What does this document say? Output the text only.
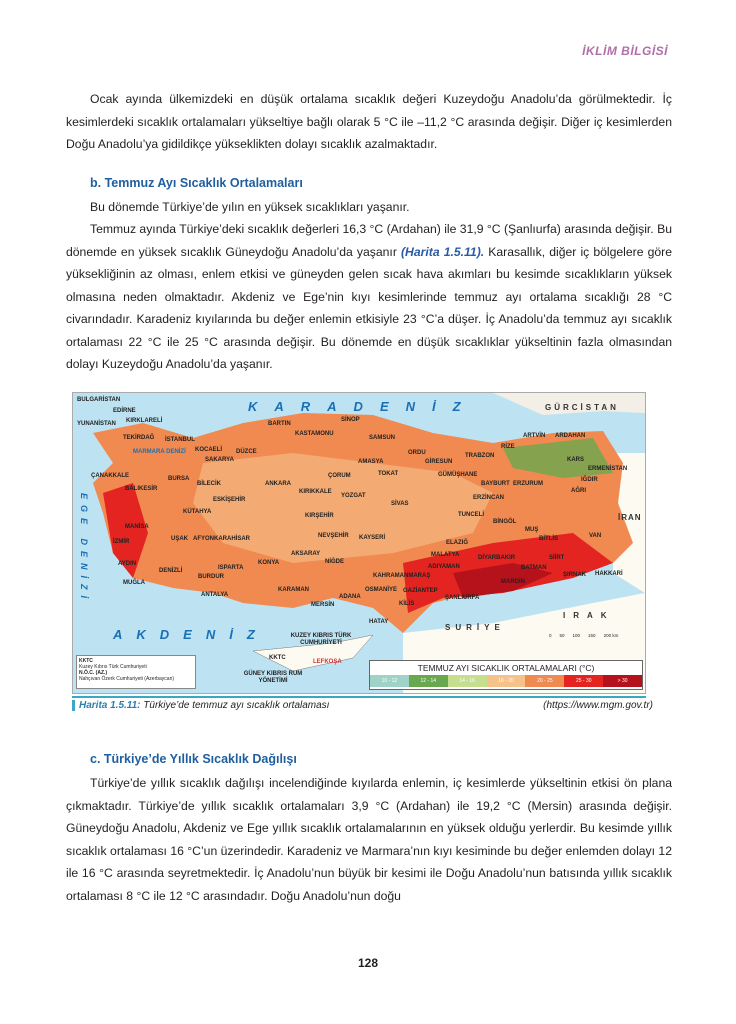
İKLİM BİLGİSİ
Ocak ayında ülkemizdeki en düşük ortalama sıcaklık değeri Kuzeydoğu Anadolu’da görülmektedir. İç kesimlerdeki sıcaklık ortalamaları yükseltiye bağlı olarak 5 °C ile –11,2 °C arasında değişir. Diğer iç kesimlerden Doğu Anadolu’ya gidildikçe yükseklikten dolayı sıcaklık azalmaktadır.
b. Temmuz Ayı Sıcaklık Ortalamaları
Bu dönemde Türkiye’de yılın en yüksek sıcaklıkları yaşanır.
Temmuz ayında Türkiye’deki sıcaklık değerleri 16,3 °C (Ardahan) ile 31,9 °C (Şanlıurfa) arasında değişir. Bu dönemde en yüksek sıcaklık Güneydoğu Anadolu’da yaşanır (Harita 1.5.11). Karasallık, diğer iç bölgelere göre yüksekliğinin az olması, enlem etkisi ve güneyden gelen sıcak hava akımları bu kesimde sıcaklıkların yüksek olmasına neden olmaktadır. Akdeniz ve Ege’nin kıyı kesimlerinde temmuz ayı ortalama sıcaklığı 28 °C civarındadır. Karadeniz kıyılarında bu değer enlemin etkisiyle 23 °C’a düşer. İç Anadolu’da temmuz ayı sıcaklık ortalaması 22 °C ile 25 °C arasında değişir. Bu dönemde en düşük sıcaklıklar yükseltinin fazla olmasından dolayı Kuzeydoğu Anadolu’da yaşanır.
KARADENİZ
AKDENİZ
EGE DENİZİ
MARMARA DENİZİ
GÜRCİSTAN
İRAN
IRAK
SURİYE
BULGARİSTAN
YUNANİSTAN
ERMENİSTAN
EDİRNE
KIRKLARELİ
TEKİRDAĞ İSTANBUL
KOCAELİ
SAKARYA
DÜZCE
BARTIN
KASTAMONU
SİNOP
SAMSUN
ORDU
GİRESUN
TRABZON
RİZE
ARTVİN ARDAHAN
KARS
IĞDIR
AĞRI
ERZURUM
BAYBURT
GÜMÜŞHANE
ERZİNCAN
TUNCELİ
BİNGÖL
MUŞ
BİTLİS	VAN
HAKKARİ
ŞIRNAK
SİİRT
BATMAN
MARDİN
DİYARBAKIR
ELAZIĞ
MALATYA
ADIYAMAN
ŞANLIURFA
GAZİANTEP
KİLİS
HATAY
OSMANİYE
ADANA
MERSİN
KARAMAN
KONYA
ANTALYA
BURDUR
ISPARTA
DENİZLİ
MUĞLA
AYDIN
İZMİR
MANİSA
UŞAK
KÜTAHYA
BALIKESİR
ÇANAKKALE	BURSA
BİLECİK
ESKİŞEHİR
ANKARA
KIRIKKALE
ÇORUM
AMASYA
TOKAT
SİVAS
YOZGAT
KIRŞEHİR
NEVŞEHİR KAYSERİ
NİĞDE
AKSARAY
KAHRAMANMARAŞ
AFYONKARAHİSAR
KUZEY KIBRIS TÜRK CUMHURİYETİ
KKTC
LEFKOŞA
GÜNEY KIBRIS RUM YÖNETİMİ
KKTC
Kuzey Kıbrıs Türk Cumhuriyeti
N.Ö.C. (AZ.)
Nahçıvan Özerk Cumhuriyeti (Azerbaycan)
0 50 100 150 200 km
TEMMUZ AYI SICAKLIK ORTALAMALARI (°C)
10 - 12	12 - 14	14 - 16	16 - 20	20 - 25	25 - 30	> 30
Harita 1.5.11: Türkiye’de temmuz ayı sıcaklık ortalaması	(https://www.mgm.gov.tr)
c. Türkiye’de Yıllık Sıcaklık Dağılışı
Türkiye’de yıllık sıcaklık dağılışı incelendiğinde kıyılarda enlemin, iç kesimlerde yükseltinin etkisi ön plana çıkmaktadır. Türkiye’de yıllık sıcaklık ortalamaları 3,9 °C (Ardahan) ile 19,2 °C (Mersin) arasında değişir. Güneydoğu Anadolu, Akdeniz ve Ege yıllık sıcaklık ortalamalarının en yüksek olduğu yerlerdir. Bu kesimde yıllık sıcaklık ortalaması 16 °C’un üzerindedir. Karadeniz ve Marmara’nın kıyı kesiminde bu değer enlemden dolayı 12 ile 16 °C arasında seyretmektedir. İç Anadolu’nun büyük bir kesimi ile Doğu Anadolu’nun batısında yıllık sıcaklık ortalaması 8 °C ile 12 °C arasındadır. Doğu Anadolu’nun doğu
128
